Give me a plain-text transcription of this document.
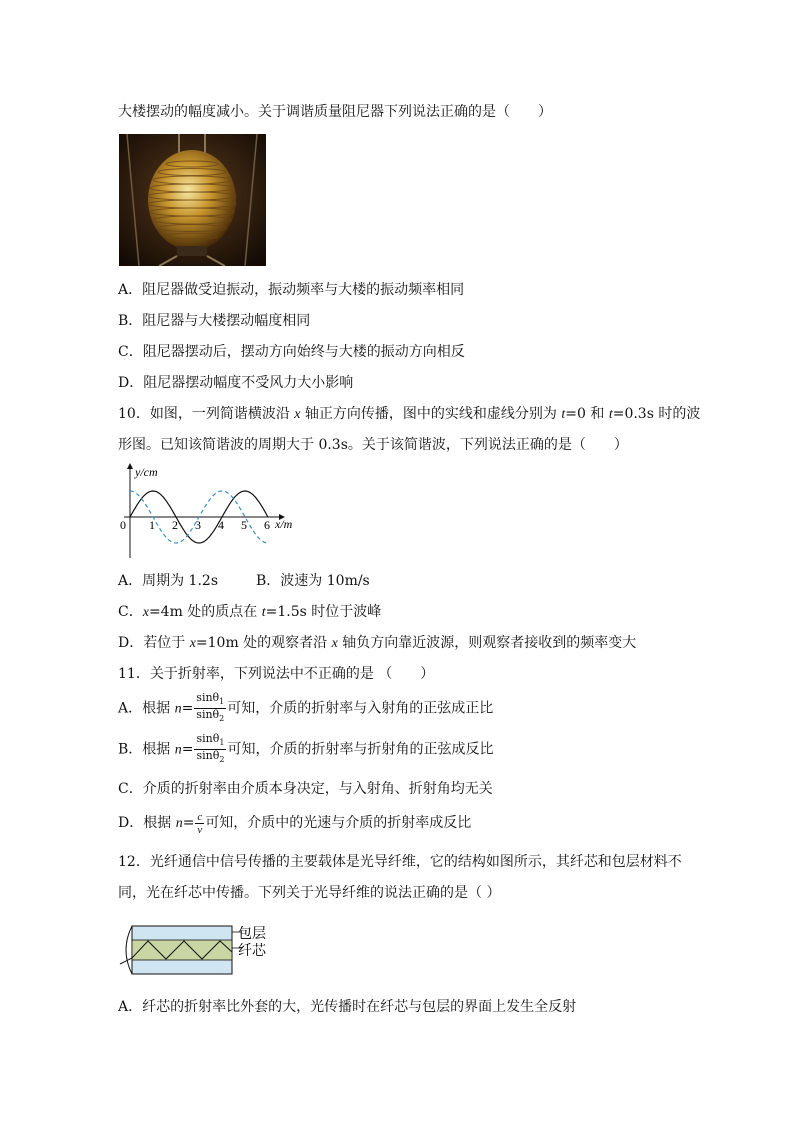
大楼摆动的幅度减小。关于调谐质量阻尼器下列说法正确的是（　　）
A．阻尼器做受迫振动，振动频率与大楼的振动频率相同
B．阻尼器与大楼摆动幅度相同
C．阻尼器摆动后，摆动方向始终与大楼的振动方向相反
D．阻尼器摆动幅度不受风力大小影响
10．如图，一列简谐横波沿 x 轴正方向传播，图中的实线和虚线分别为 t=0 和 t=0.3s 时的波
形图。已知该简谐波的周期大于 0.3s。关于该简谐波，下列说法正确的是（　　）
y/cm
x/m
0 1 2 3 4 5 6
A．周期为 1.2s	B．波速为 10m/s
C．x=4m 处的质点在 t=1.5s 时位于波峰
D．若位于 x=10m 处的观察者沿 x 轴负方向靠近波源，则观察者接收到的频率变大
11．关于折射率，下列说法中不正确的是 （　　）
A．根据 $n= \frac{\sin\theta_1}{\sin\theta_2}$ 可知，介质的折射率与入射角的正弦成正比
B．根据 $n= \frac{\sin\theta_1}{\sin\theta_2}$ 可知，介质的折射率与折射角的正弦成反比
C．介质的折射率由介质本身决定，与入射角、折射角均无关
D．根据 $n= \frac{c}{v}$ 可知，介质中的光速与介质的折射率成反比
12．光纤通信中信号传播的主要载体是光导纤维，它的结构如图所示，其纤芯和包层材料不
同，光在纤芯中传播。下列关于光导纤维的说法正确的是（ ）
包层
纤芯
A．纤芯的折射率比外套的大，光传播时在纤芯与包层的界面上发生全反射
